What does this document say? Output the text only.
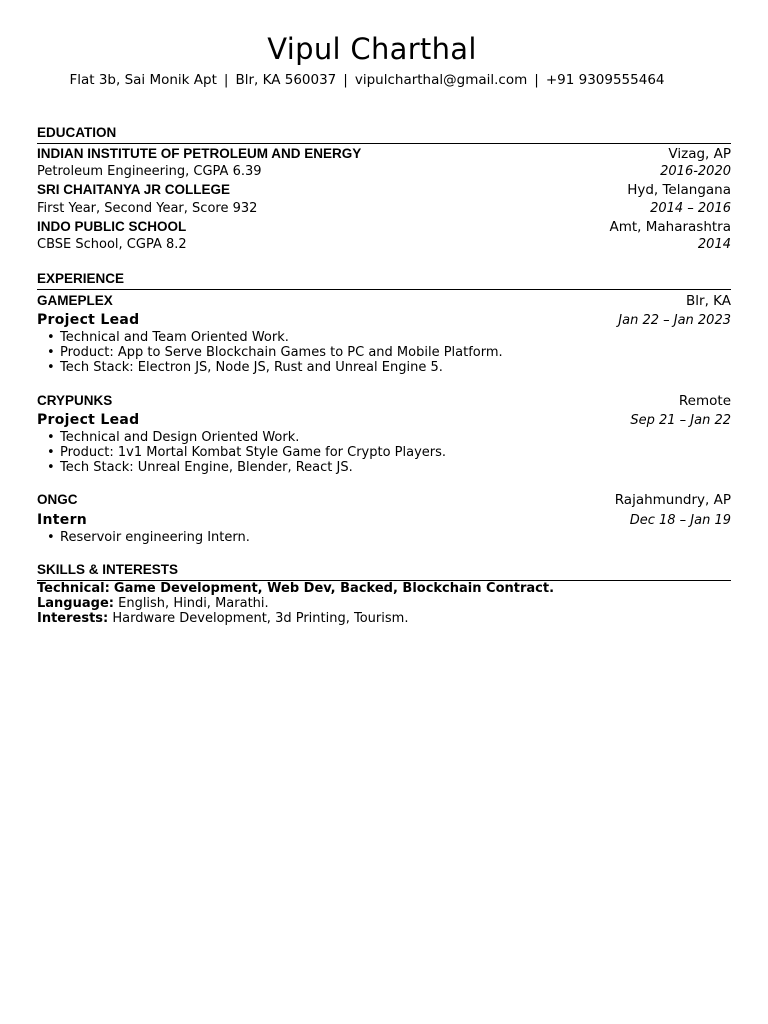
Vipul Charthal
Flat 3b, Sai Monik Apt | Blr, KA 560037 | vipulcharthal@gmail.com | +91 9309555464
EDUCATION
INDIAN INSTITUTE OF PETROLEUM AND ENERGY	Vizag, AP
Petroleum Engineering, CGPA 6.39	2016-2020
SRI CHAITANYA JR COLLEGE	Hyd, Telangana
First Year, Second Year, Score 932	2014 – 2016
INDO PUBLIC SCHOOL	Amt, Maharashtra
CBSE School, CGPA 8.2	2014
EXPERIENCE
GAMEPLEX	Blr, KA
Project Lead	Jan 22 – Jan 2023
• Technical and Team Oriented Work.
• Product: App to Serve Blockchain Games to PC and Mobile Platform.
• Tech Stack: Electron JS, Node JS, Rust and Unreal Engine 5.
CRYPUNKS	Remote
Project Lead	Sep 21 – Jan 22
• Technical and Design Oriented Work.
• Product: 1v1 Mortal Kombat Style Game for Crypto Players.
• Tech Stack: Unreal Engine, Blender, React JS.
ONGC	Rajahmundry, AP
Intern	Dec 18 – Jan 19
• Reservoir engineering Intern.
SKILLS & INTERESTS
Technical: Game Development, Web Dev, Backed, Blockchain Contract.
Language: English, Hindi, Marathi.
Interests: Hardware Development, 3d Printing, Tourism.
